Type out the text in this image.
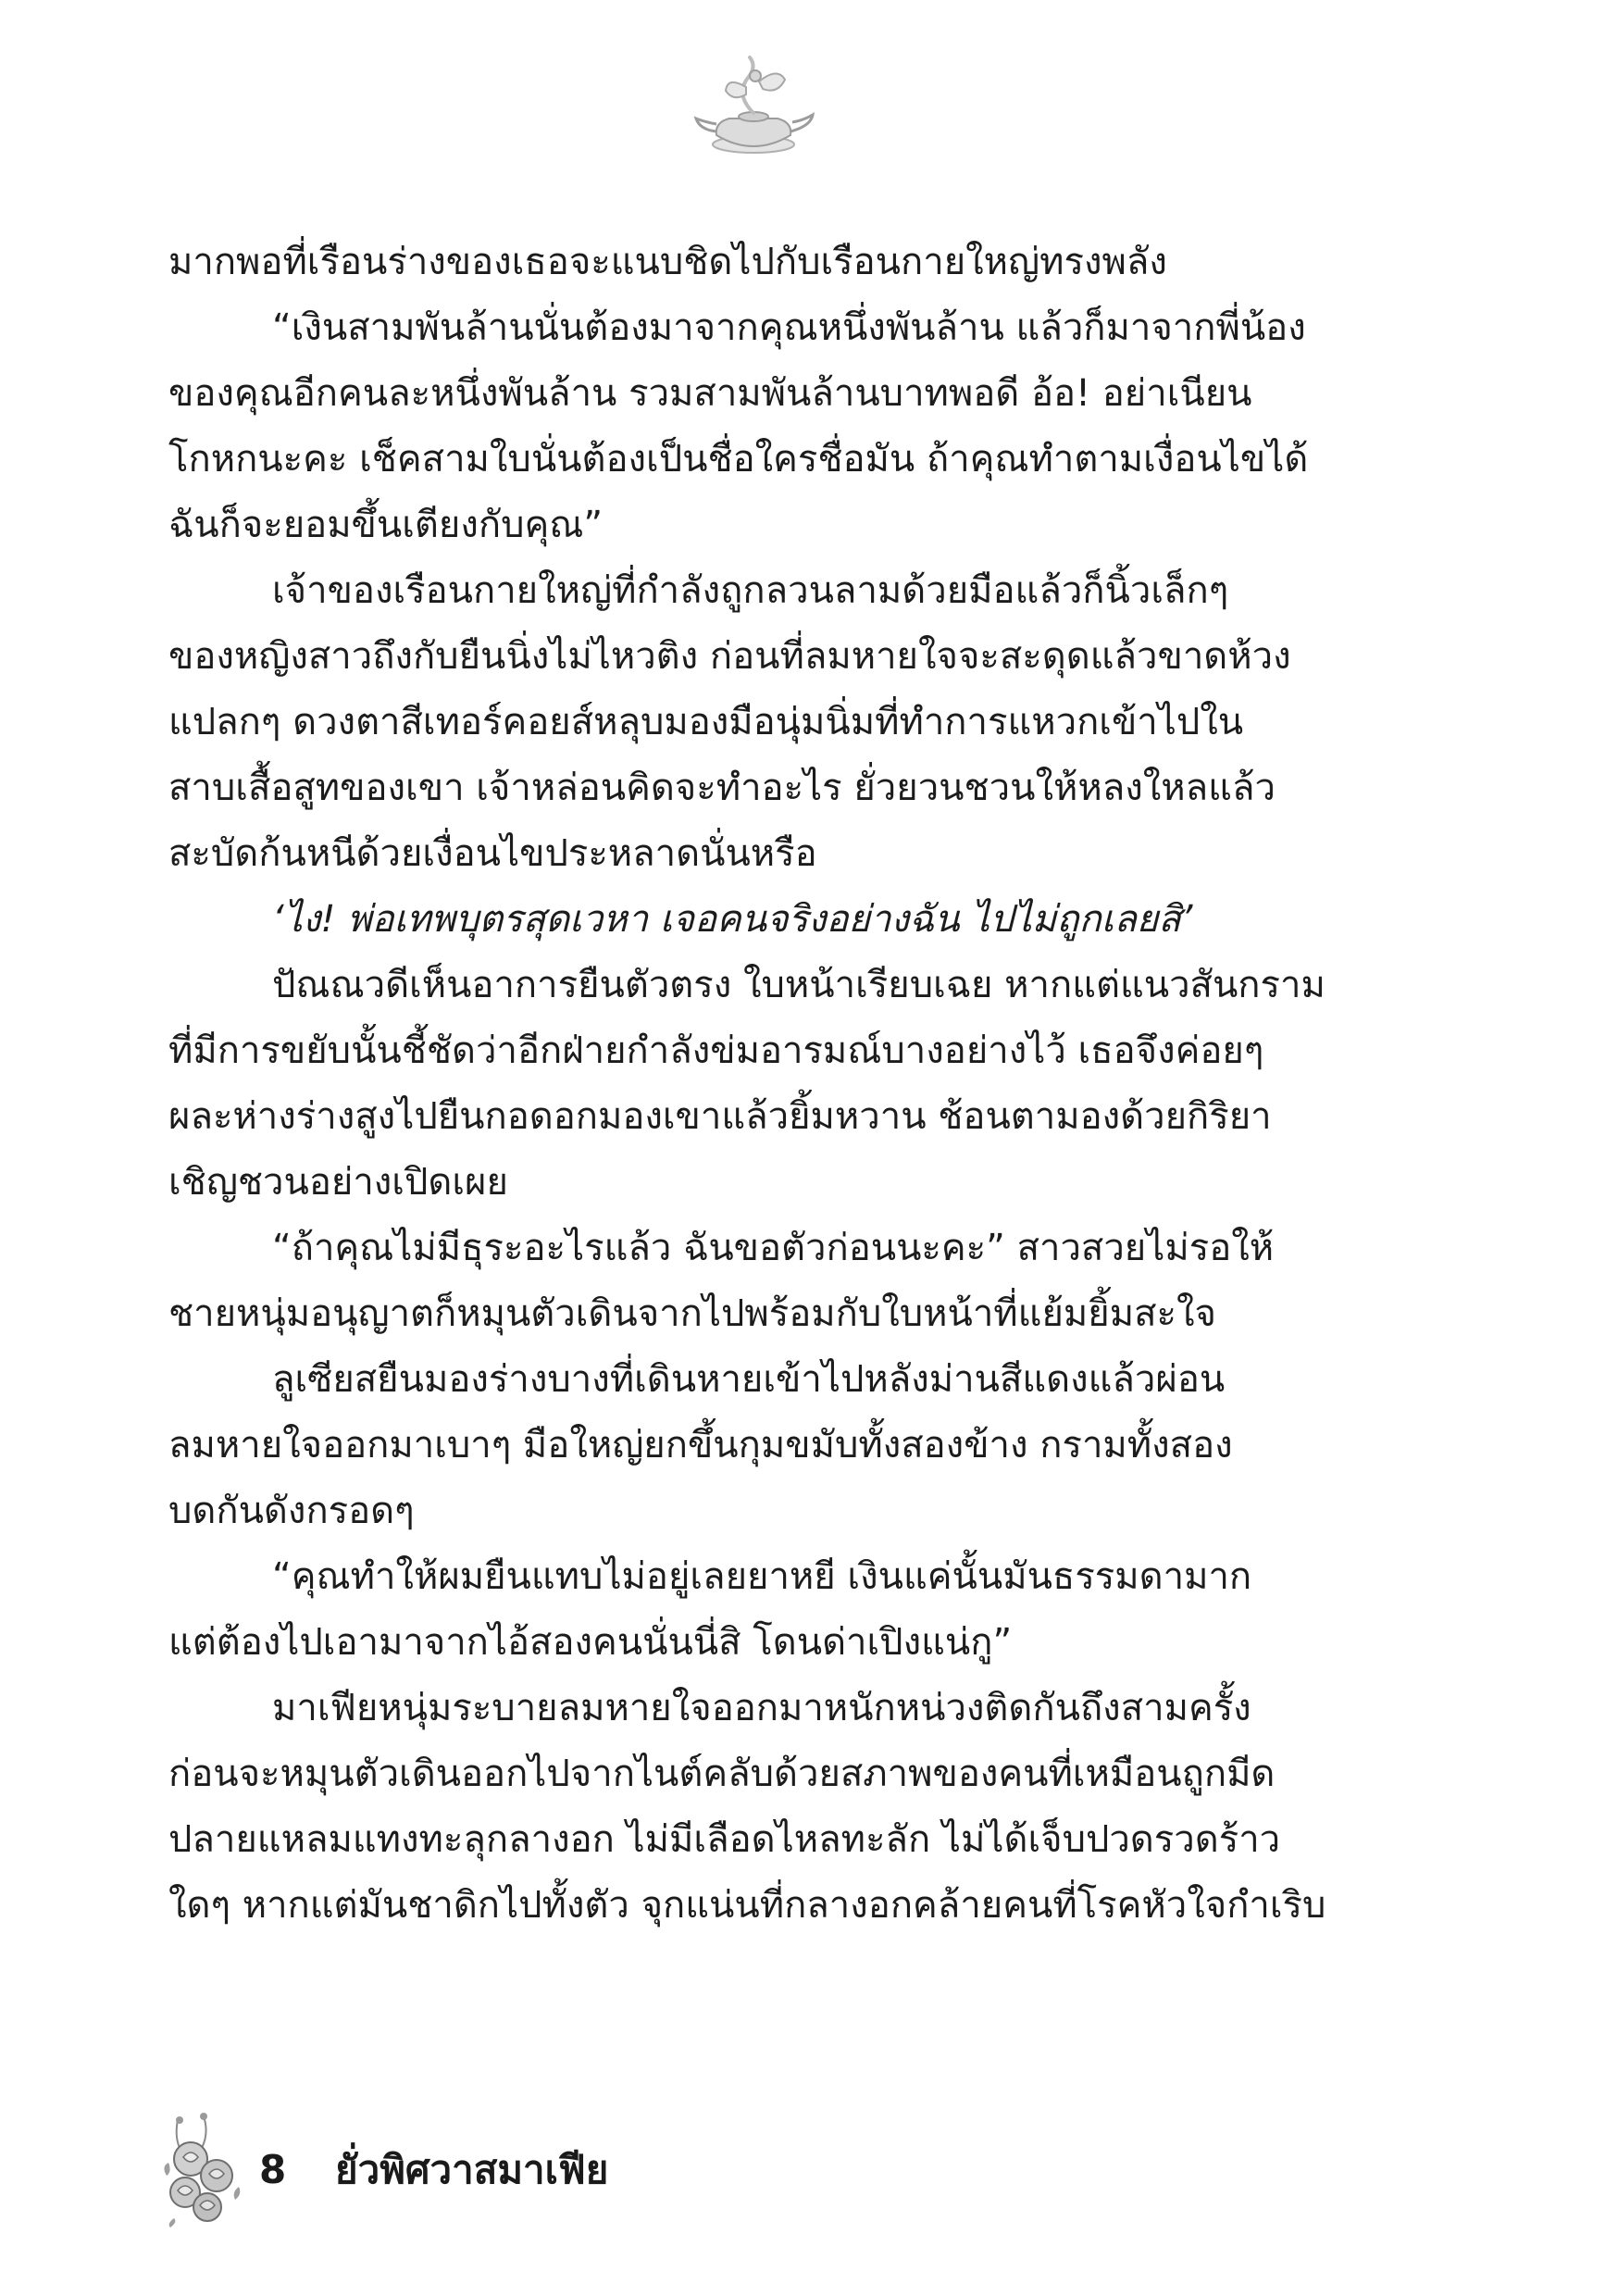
มากพอที่เรือนร่างของเธอจะแนบชิดไปกับเรือนกายใหญ่ทรงพลัง
“เงินสามพันล้านนั่นต้องมาจากคุณหนึ่งพันล้าน แล้วก็มาจากพี่น้อง
ของคุณอีกคนละหนึ่งพันล้าน รวมสามพันล้านบาทพอดี อ้อ! อย่าเนียน
โกหกนะคะ เช็คสามใบนั่นต้องเป็นชื่อใครชื่อมัน ถ้าคุณทำตามเงื่อนไขได้
ฉันก็จะยอมขึ้นเตียงกับคุณ”
เจ้าของเรือนกายใหญ่ที่กำลังถูกลวนลามด้วยมือแล้วก็นิ้วเล็กๆ
ของหญิงสาวถึงกับยืนนิ่งไม่ไหวติง ก่อนที่ลมหายใจจะสะดุดแล้วขาดห้วง
แปลกๆ ดวงตาสีเทอร์คอยส์หลุบมองมือนุ่มนิ่มที่ทำการแหวกเข้าไปใน
สาบเสื้อสูทของเขา เจ้าหล่อนคิดจะทำอะไร ยั่วยวนชวนให้หลงใหลแล้ว
สะบัดก้นหนีด้วยเงื่อนไขประหลาดนั่นหรือ
‘ไง! พ่อเทพบุตรสุดเวหา เจอคนจริงอย่างฉัน ไปไม่ถูกเลยสิ’
ปัณณวดีเห็นอาการยืนตัวตรง ใบหน้าเรียบเฉย หากแต่แนวสันกราม
ที่มีการขยับนั้นชี้ชัดว่าอีกฝ่ายกำลังข่มอารมณ์บางอย่างไว้ เธอจึงค่อยๆ
ผละห่างร่างสูงไปยืนกอดอกมองเขาแล้วยิ้มหวาน ช้อนตามองด้วยกิริยา
เชิญชวนอย่างเปิดเผย
“ถ้าคุณไม่มีธุระอะไรแล้ว ฉันขอตัวก่อนนะคะ” สาวสวยไม่รอให้
ชายหนุ่มอนุญาตก็หมุนตัวเดินจากไปพร้อมกับใบหน้าที่แย้มยิ้มสะใจ
ลูเซียสยืนมองร่างบางที่เดินหายเข้าไปหลังม่านสีแดงแล้วผ่อน
ลมหายใจออกมาเบาๆ มือใหญ่ยกขึ้นกุมขมับทั้งสองข้าง กรามทั้งสอง
บดกันดังกรอดๆ
“คุณทำให้ผมยืนแทบไม่อยู่เลยยาหยี เงินแค่นั้นมันธรรมดามาก
แต่ต้องไปเอามาจากไอ้สองคนนั่นนี่สิ โดนด่าเปิงแน่กู”
มาเฟียหนุ่มระบายลมหายใจออกมาหนักหน่วงติดกันถึงสามครั้ง
ก่อนจะหมุนตัวเดินออกไปจากไนต์คลับด้วยสภาพของคนที่เหมือนถูกมีด
ปลายแหลมแทงทะลุกลางอก ไม่มีเลือดไหลทะลัก ไม่ได้เจ็บปวดรวดร้าว
ใดๆ หากแต่มันชาดิกไปทั้งตัว จุกแน่นที่กลางอกคล้ายคนที่โรคหัวใจกำเริบ
8 ยั่วพิศวาสมาเฟีย
